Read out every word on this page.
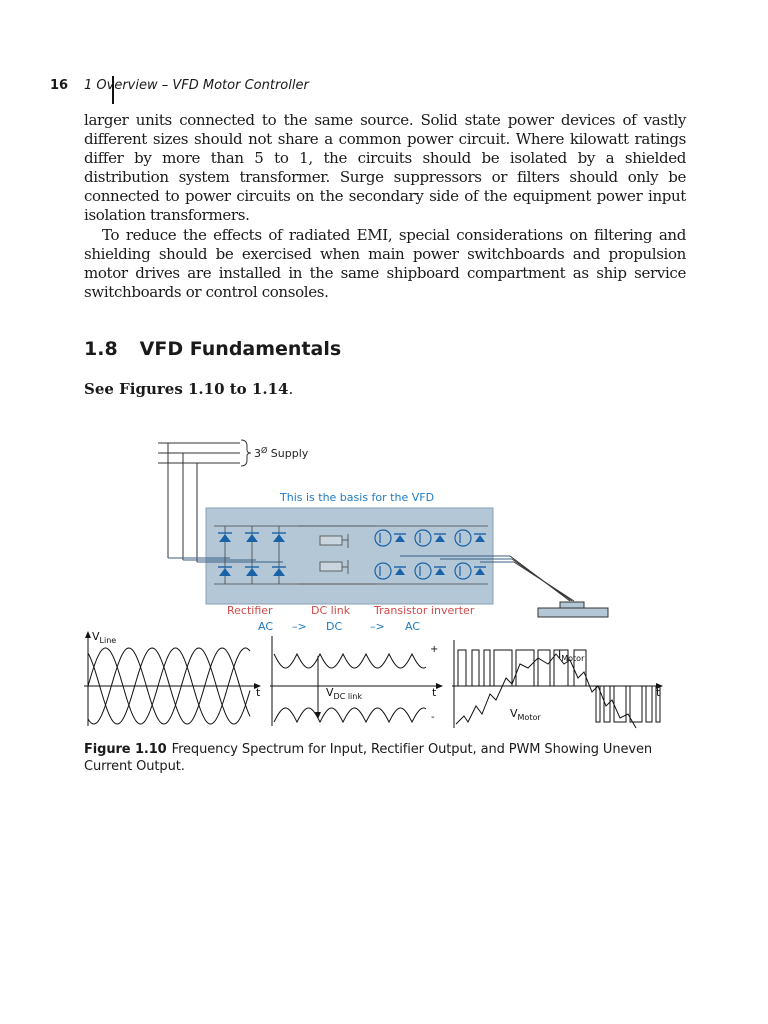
16 1 Overview – VFD Motor Controller

larger units connected to the same source. Solid state power devices of vastly different sizes should not share a common power circuit. Where kilowatt ratings differ by more than 5 to 1, the circuits should be isolated by a shielded distribution system transformer. Surge suppressors or filters should only be connected to power circuits on the secondary side of the equipment power input isolation transformers.

To reduce the effects of radiated EMI, special considerations on filtering and shielding should be exercised when main power switchboards and propulsion motor drives are installed in the same shipboard compartment as ship service switchboards or control consoles.

1.8 VFD Fundamentals

See Figures 1.10 to 1.14.

$3^Ø$ Supply
This is the basis for the VFD
Rectifier	DC link Transistor inverter
AC –> DC	–> AC
$V_{Line}$
t
+
-
$V_{DC link}$	t
$I_{Motor}$
$V_{Motor}$
t

Figure 1.10 Frequency Spectrum for Input, Rectifier Output, and PWM Showing Uneven Current Output.
